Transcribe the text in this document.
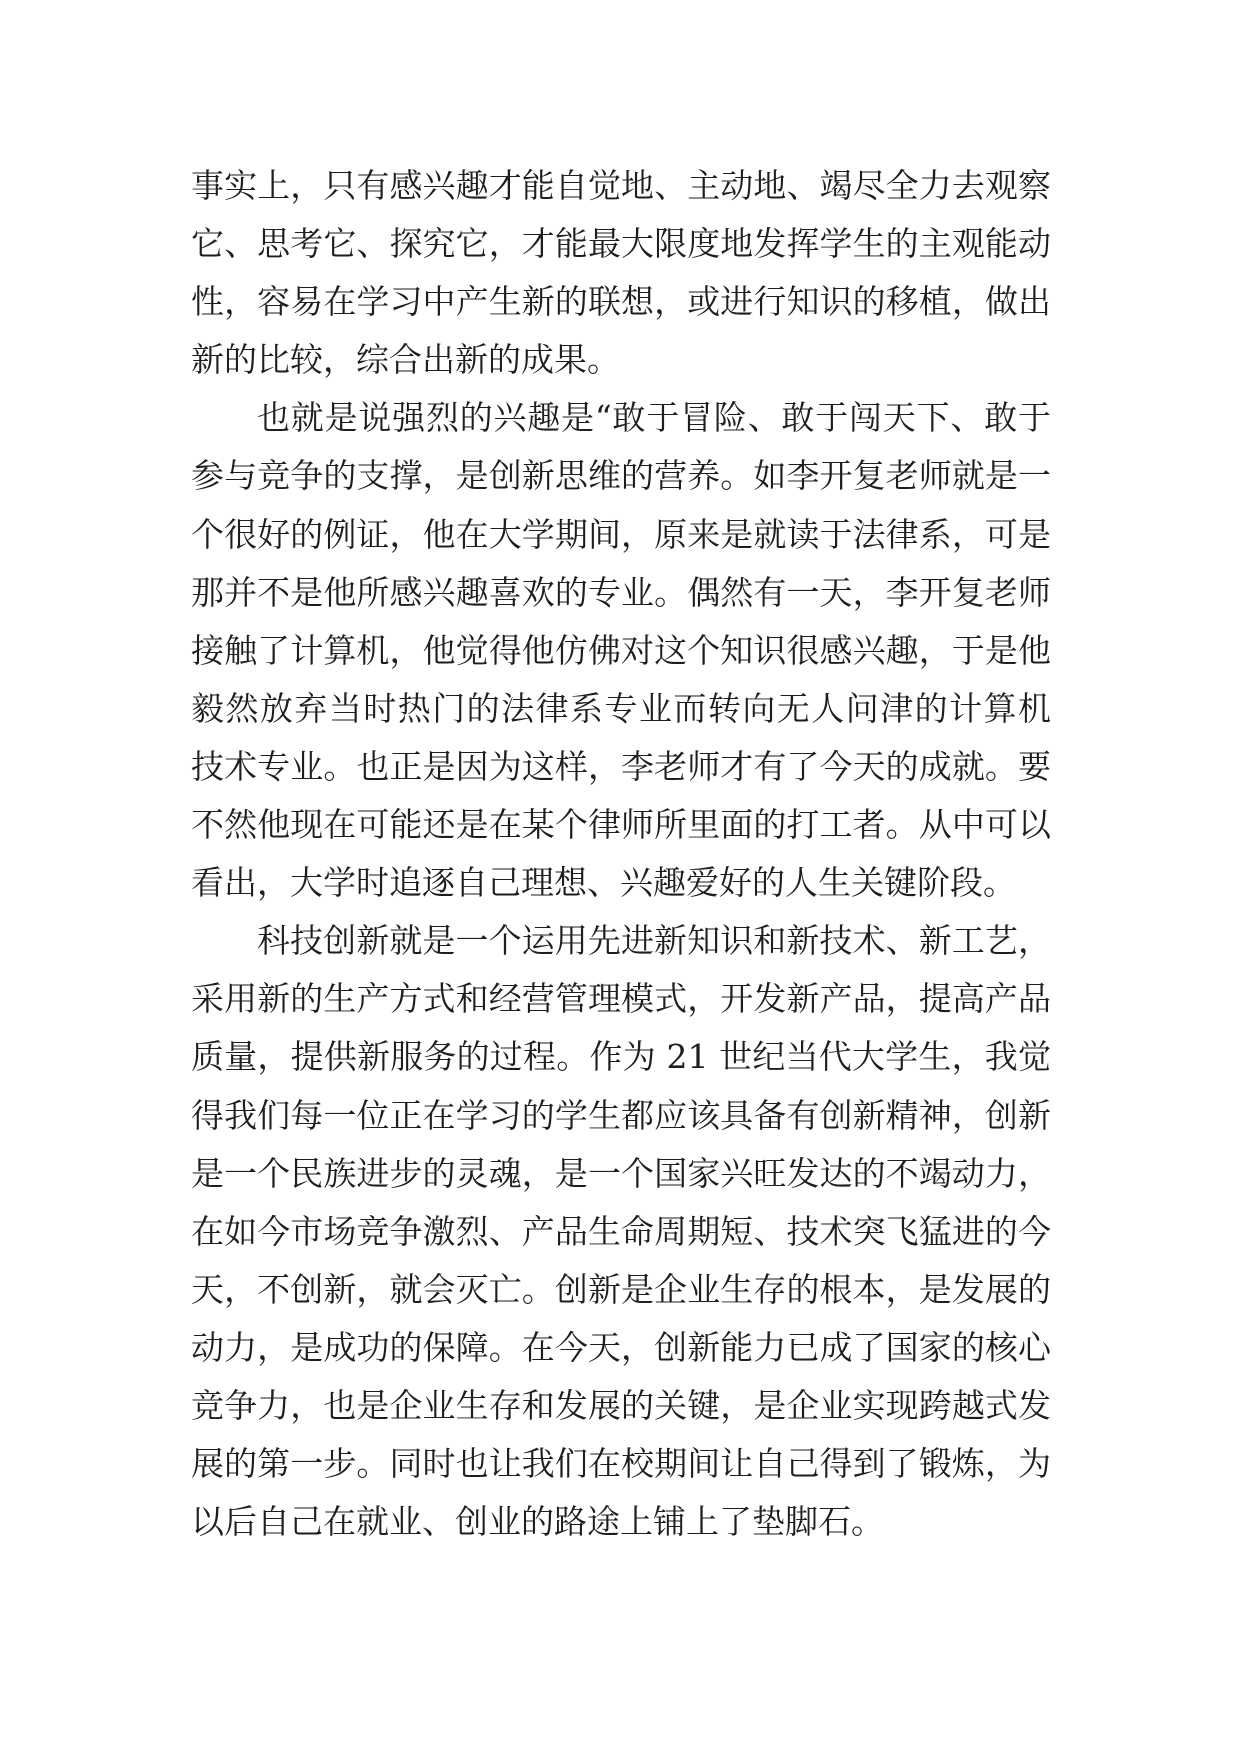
事实上，只有感兴趣才能自觉地、主动地、竭尽全力去观察
它、思考它、探究它，才能最大限度地发挥学生的主观能动
性，容易在学习中产生新的联想，或进行知识的移植，做出
新的比较，综合出新的成果。
也就是说强烈的兴趣是“敢于冒险、敢于闯天下、敢于
参与竞争的支撑，是创新思维的营养。如李开复老师就是一
个很好的例证，他在大学期间，原来是就读于法律系，可是
那并不是他所感兴趣喜欢的专业。偶然有一天，李开复老师
接触了计算机，他觉得他仿佛对这个知识很感兴趣，于是他
毅然放弃当时热门的法律系专业而转向无人问津的计算机
技术专业。也正是因为这样，李老师才有了今天的成就。要
不然他现在可能还是在某个律师所里面的打工者。从中可以
看出，大学时追逐自己理想、兴趣爱好的人生关键阶段。
科技创新就是一个运用先进新知识和新技术、新工艺，
采用新的生产方式和经营管理模式，开发新产品，提高产品
质量，提供新服务的过程。作为 21 世纪当代大学生，我觉
得我们每一位正在学习的学生都应该具备有创新精神，创新
是一个民族进步的灵魂，是一个国家兴旺发达的不竭动力，
在如今市场竞争激烈、产品生命周期短、技术突飞猛进的今
天，不创新，就会灭亡。创新是企业生存的根本，是发展的
动力，是成功的保障。在今天，创新能力已成了国家的核心
竞争力，也是企业生存和发展的关键，是企业实现跨越式发
展的第一步。同时也让我们在校期间让自己得到了锻炼，为
以后自己在就业、创业的路途上铺上了垫脚石。
